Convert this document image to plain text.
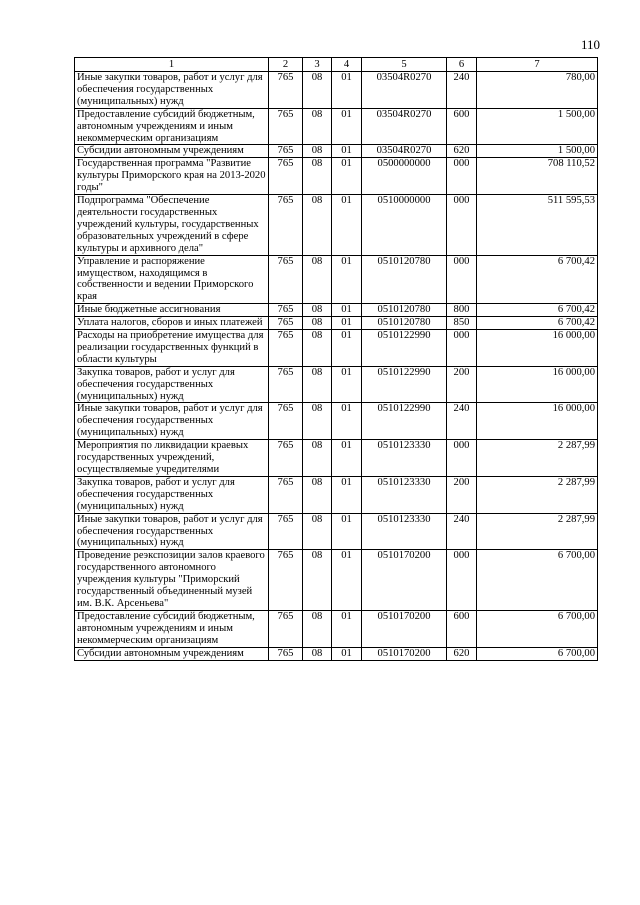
110
1	2	3	4	5	6	7
Иные закупки товаров, работ и услуг для обеспечения государственных (муниципальных) нужд	765	08	01	03504R0270	240	780,00
Предоставление субсидий бюджетным, автономным учреждениям и иным некоммерческим организациям	765	08	01	03504R0270	600	1 500,00
Субсидии автономным учреждениям	765	08	01	03504R0270	620	1 500,00
Государственная программа "Развитие культуры Приморского края на 2013-2020 годы"	765	08	01	0500000000	000	708 110,52
Подпрограмма "Обеспечение деятельности государственных учреждений культуры, государственных образовательных учреждений в сфере культуры и архивного дела"	765	08	01	0510000000	000	511 595,53
Управление и распоряжение имуществом, находящимся в собственности и ведении Приморского края	765	08	01	0510120780	000	6 700,42
Иные бюджетные ассигнования	765	08	01	0510120780	800	6 700,42
Уплата налогов, сборов и иных платежей	765	08	01	0510120780	850	6 700,42
Расходы на приобретение имущества для реализации государственных функций в области культуры	765	08	01	0510122990	000	16 000,00
Закупка товаров, работ и услуг для обеспечения государственных (муниципальных) нужд	765	08	01	0510122990	200	16 000,00
Иные закупки товаров, работ и услуг для обеспечения государственных (муниципальных) нужд	765	08	01	0510122990	240	16 000,00
Мероприятия по ликвидации краевых государственных учреждений, осуществляемые учредителями	765	08	01	0510123330	000	2 287,99
Закупка товаров, работ и услуг для обеспечения государственных (муниципальных) нужд	765	08	01	0510123330	200	2 287,99
Иные закупки товаров, работ и услуг для обеспечения государственных (муниципальных) нужд	765	08	01	0510123330	240	2 287,99
Проведение реэкспозиции залов краевого государственного автономного учреждения культуры "Приморский государственный объединенный музей им. В.К. Арсеньева"	765	08	01	0510170200	000	6 700,00
Предоставление субсидий бюджетным, автономным учреждениям и иным некоммерческим организациям	765	08	01	0510170200	600	6 700,00
Субсидии автономным учреждениям	765	08	01	0510170200	620	6 700,00
